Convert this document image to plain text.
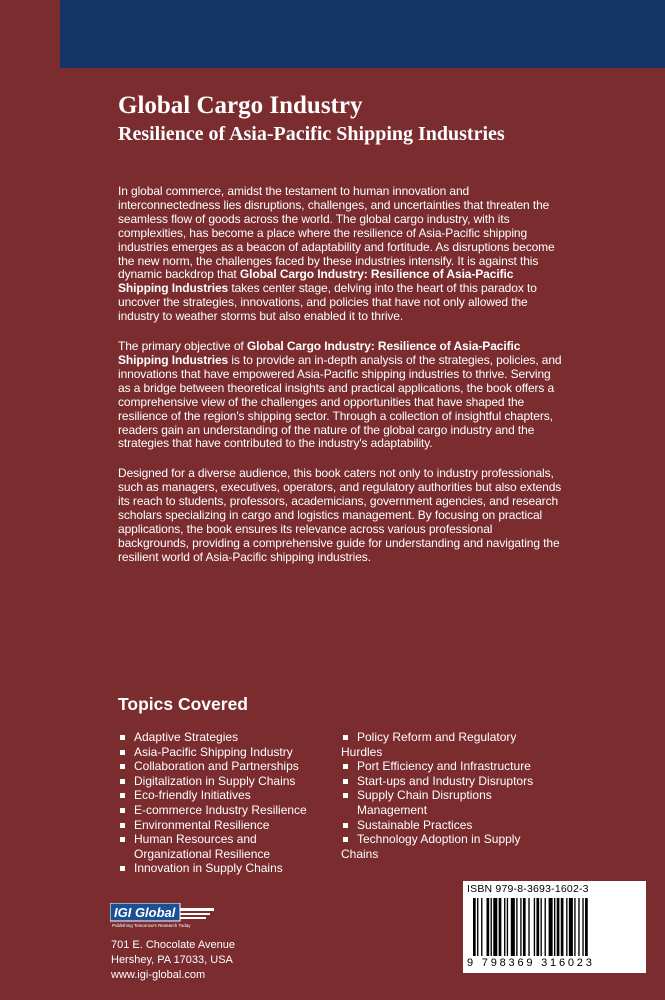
Global Cargo Industry
Resilience of Asia-Pacific Shipping Industries

In global commerce, amidst the testament to human innovation and interconnectedness lies disruptions, challenges, and uncertainties that threaten the seamless flow of goods across the world. The global cargo industry, with its complexities, has become a place where the resilience of Asia-Pacific shipping industries emerges as a beacon of adaptability and fortitude. As disruptions become the new norm, the challenges faced by these industries intensify. It is against this dynamic backdrop that Global Cargo Industry: Resilience of Asia-Pacific Shipping Industries takes center stage, delving into the heart of this paradox to uncover the strategies, innovations, and policies that have not only allowed the industry to weather storms but also enabled it to thrive.

The primary objective of Global Cargo Industry: Resilience of Asia-Pacific Shipping Industries is to provide an in-depth analysis of the strategies, policies, and innovations that have empowered Asia-Pacific shipping industries to thrive. Serving as a bridge between theoretical insights and practical applications, the book offers a comprehensive view of the challenges and opportunities that have shaped the resilience of the region's shipping sector. Through a collection of insightful chapters, readers gain an understanding of the nature of the global cargo industry and the strategies that have contributed to the industry's adaptability.

Designed for a diverse audience, this book caters not only to industry professionals, such as managers, executives, operators, and regulatory authorities but also extends its reach to students, professors, academicians, government agencies, and research scholars specializing in cargo and logistics management. By focusing on practical applications, the book ensures its relevance across various professional backgrounds, providing a comprehensive guide for understanding and navigating the resilient world of Asia-Pacific shipping industries.

Topics Covered
Adaptive Strategies
Asia-Pacific Shipping Industry
Collaboration and Partnerships
Digitalization in Supply Chains
Eco-friendly Initiatives
E-commerce Industry Resilience
Environmental Resilience
Human Resources and Organizational Resilience
Innovation in Supply Chains
Policy Reform and Regulatory Hurdles
Port Efficiency and Infrastructure
Start-ups and Industry Disruptors
Supply Chain Disruptions Management
Sustainable Practices
Technology Adoption in Supply Chains
IGI Global
Publishing Tomorrow's Research Today
701 E. Chocolate Avenue
Hershey, PA 17033, USA
www.igi-global.com
ISBN 979-8-3693-1602-3
9 798369 316023
